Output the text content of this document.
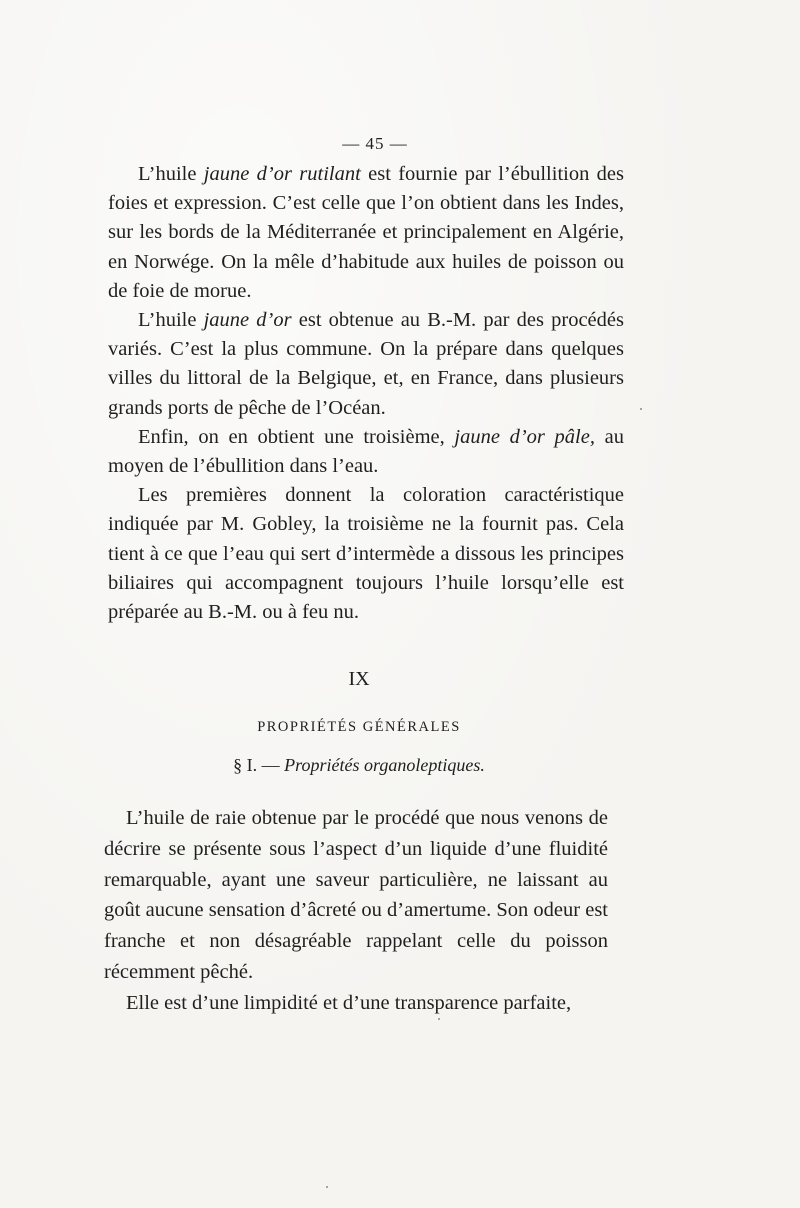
— 45 —

L’huile jaune d’or rutilant est fournie par l’ébullition des foies et expression. C’est celle que l’on obtient dans les Indes, sur les bords de la Méditerranée et principalement en Algérie, en Norwége. On la mêle d’habitude aux huiles de poisson ou de foie de morue.

L’huile jaune d’or est obtenue au B.-M. par des procédés variés. C’est la plus commune. On la prépare dans quelques villes du littoral de la Belgique, et, en France, dans plusieurs grands ports de pêche de l’Océan.

Enfin, on en obtient une troisième, jaune d’or pâle, au moyen de l’ébullition dans l’eau.

Les premières donnent la coloration caractéristique indiquée par M. Gobley, la troisième ne la fournit pas. Cela tient à ce que l’eau qui sert d’intermède a dissous les principes biliaires qui accompagnent toujours l’huile lorsqu’elle est préparée au B.-M. ou à feu nu.

IX
PROPRIÉTÉS GÉNÉRALES
§ I. — Propriétés organoleptiques.

L’huile de raie obtenue par le procédé que nous venons de décrire se présente sous l’aspect d’un liquide d’une fluidité remarquable, ayant une saveur particulière, ne laissant au goût aucune sensation d’âcreté ou d’amertume. Son odeur est franche et non désagréable rappelant celle du poisson récemment pêché.

Elle est d’une limpidité et d’une transparence parfaite,
